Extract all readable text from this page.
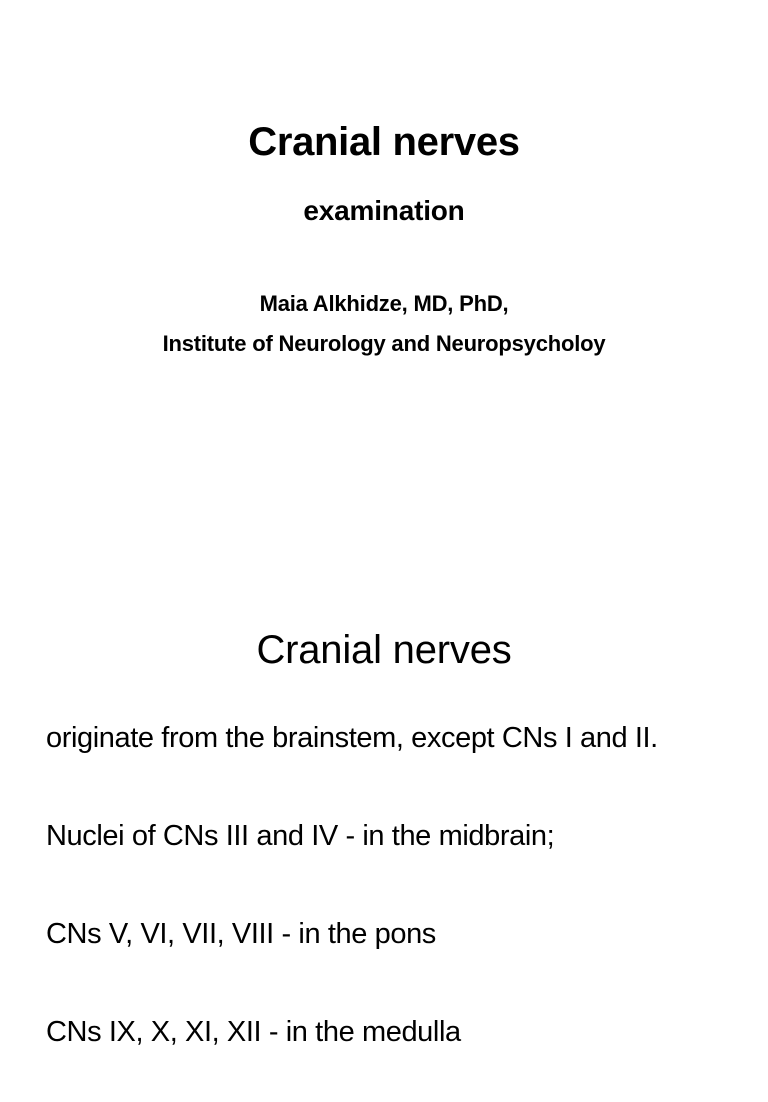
Cranial nerves
examination
Maia Alkhidze, MD, PhD,
Institute of Neurology and Neuropsycholoy
Cranial nerves
originate from the brainstem, except CNs I and II.
Nuclei of CNs III and IV - in the midbrain;
CNs V, VI, VII, VIII - in the pons
CNs IX, X, XI, XII - in the medulla
